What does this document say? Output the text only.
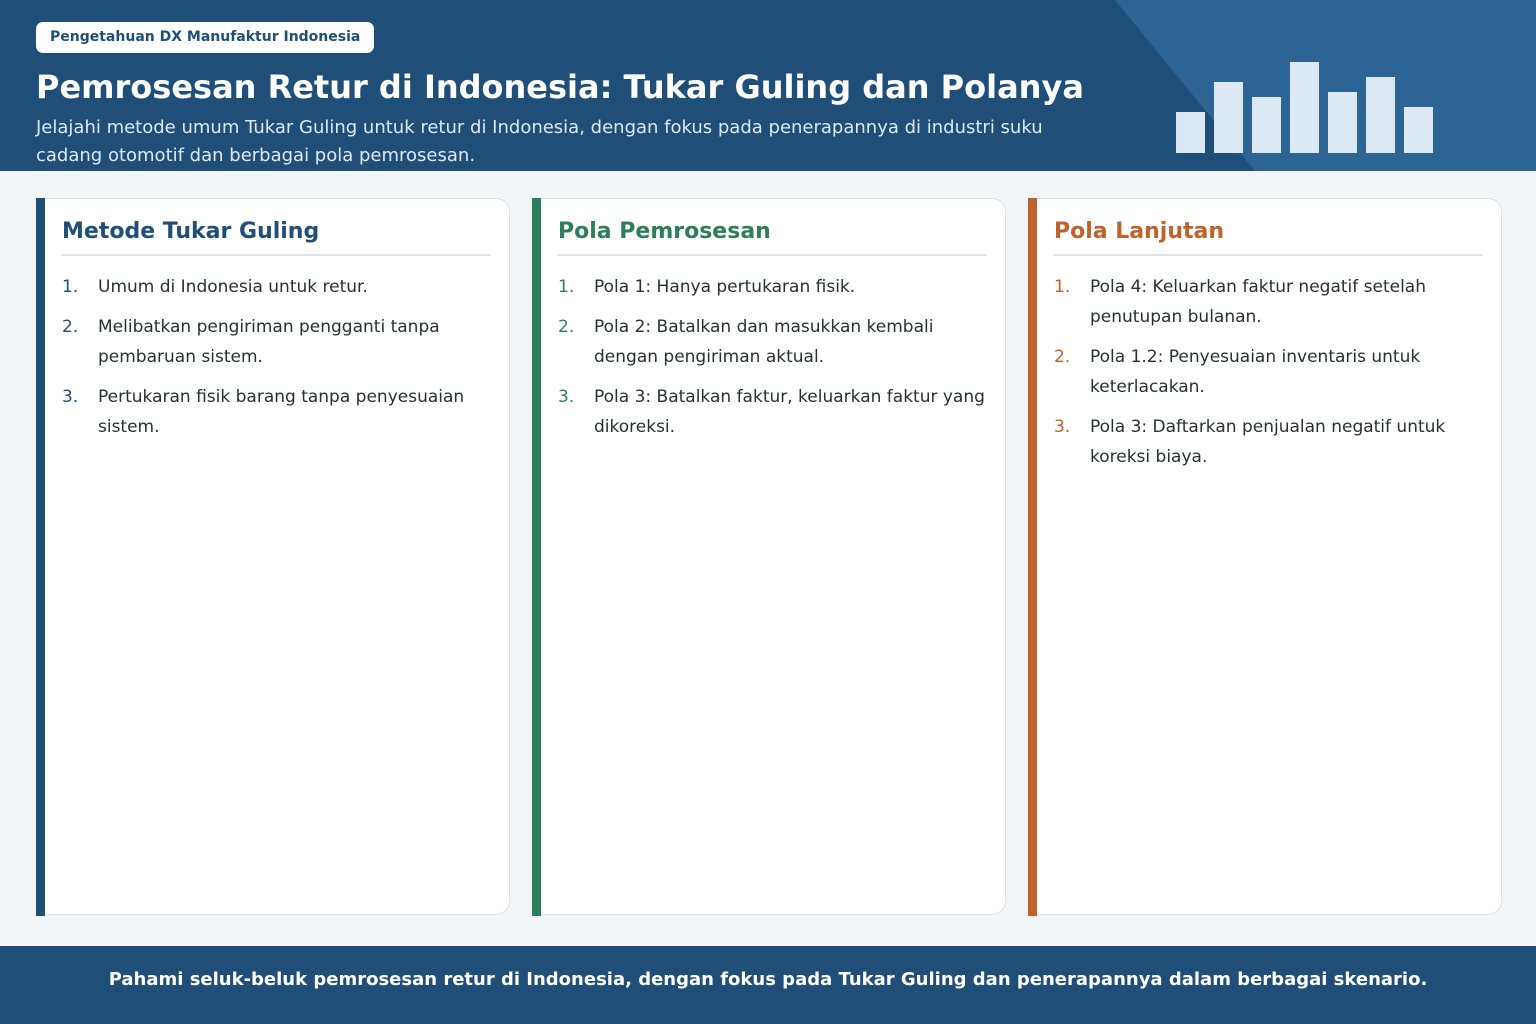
Pengetahuan DX Manufaktur Indonesia
Pemrosesan Retur di Indonesia: Tukar Guling dan Polanya

Jelajahi metode umum Tukar Guling untuk retur di Indonesia, dengan fokus pada penerapannya di industri suku cadang otomotif dan berbagai pola pemrosesan.

Metode Tukar Guling
1. Umum di Indonesia untuk retur.
2. Melibatkan pengiriman pengganti tanpa pembaruan sistem.
3. Pertukaran fisik barang tanpa penyesuaian sistem.
Pola Pemrosesan
1. Pola 1: Hanya pertukaran fisik.
2. Pola 2: Batalkan dan masukkan kembali dengan pengiriman aktual.
3. Pola 3: Batalkan faktur, keluarkan faktur yang dikoreksi.
Pola Lanjutan
1. Pola 4: Keluarkan faktur negatif setelah penutupan bulanan.
2. Pola 1.2: Penyesuaian inventaris untuk keterlacakan.
3. Pola 3: Daftarkan penjualan negatif untuk koreksi biaya.
Pahami seluk-beluk pemrosesan retur di Indonesia, dengan fokus pada Tukar Guling dan penerapannya dalam berbagai skenario.
